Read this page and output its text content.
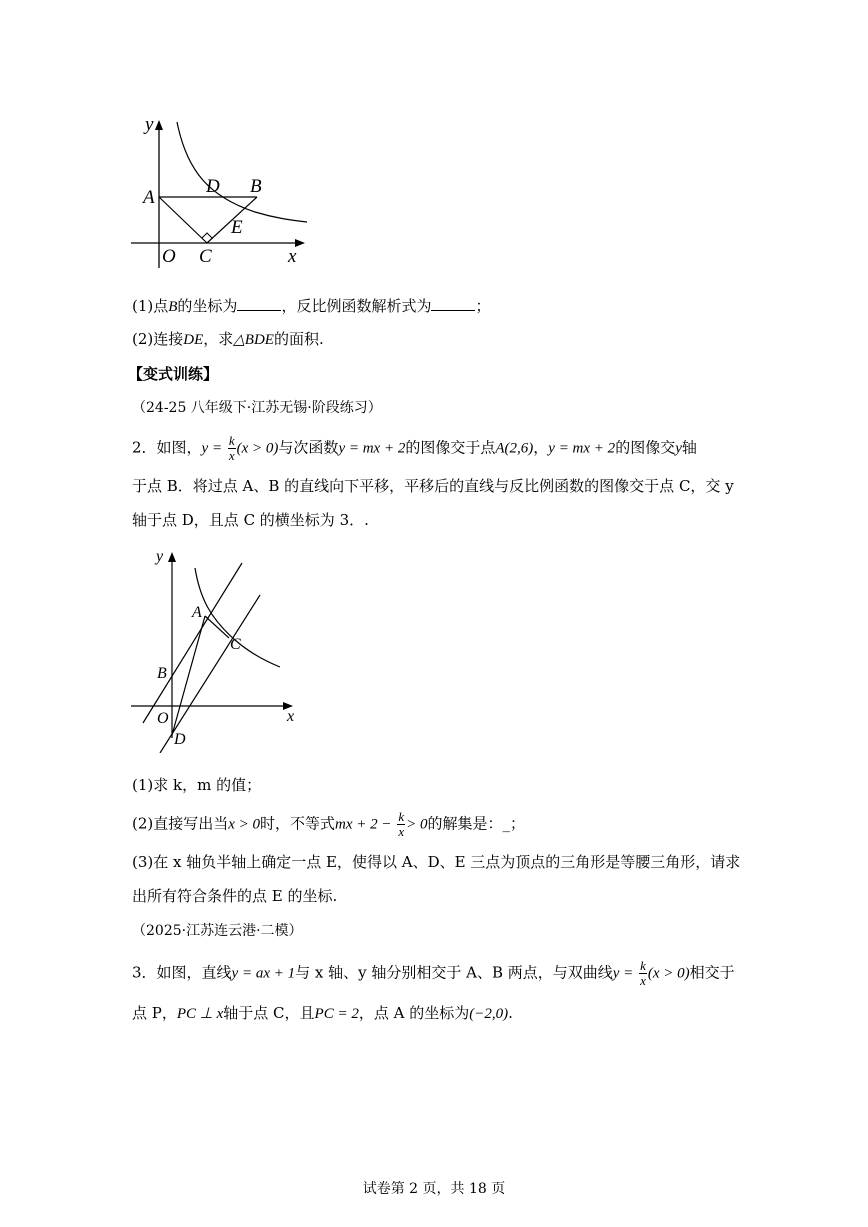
y
A
D B
E
O C	x
(1)点B的坐标为	，反比例函数解析式为	；
(2)连接DE，求△BDE的面积.
【变式训练】
（24-25 八年级下·江苏无锡·阶段练习）
2．如图，$y = \frac{k}{x} (x > 0)$与次函数y = mx + 2的图像交于点A(2,6)，y = mx + 2的图像交y轴
于点 B．将过点 A、B 的直线向下平移，平移后的直线与反比例函数的图像交于点 C，交 y
轴于点 D，且点 C 的横坐标为 3．.
y
A
C
B
O	x
D
(1)求 k，m 的值；
(2)直接写出当x > 0时，不等式mx + $2 - \frac{k}{x} > 0$的解集是：_；
(3)在 x 轴负半轴上确定一点 E，使得以 A、D、E 三点为顶点的三角形是等腰三角形，请求
出所有符合条件的点 E 的坐标.
（2025·江苏连云港·二模）
3．如图，直线y = ax + 1与 x 轴、y 轴分别相交于 A、B 两点，与双曲线$y = \frac{k}{x} (x > 0)$相交于
点 P，PC ⊥ x轴于点 C，且PC = 2，点 A 的坐标为(−2,0).
试卷第 2 页，共 18 页
